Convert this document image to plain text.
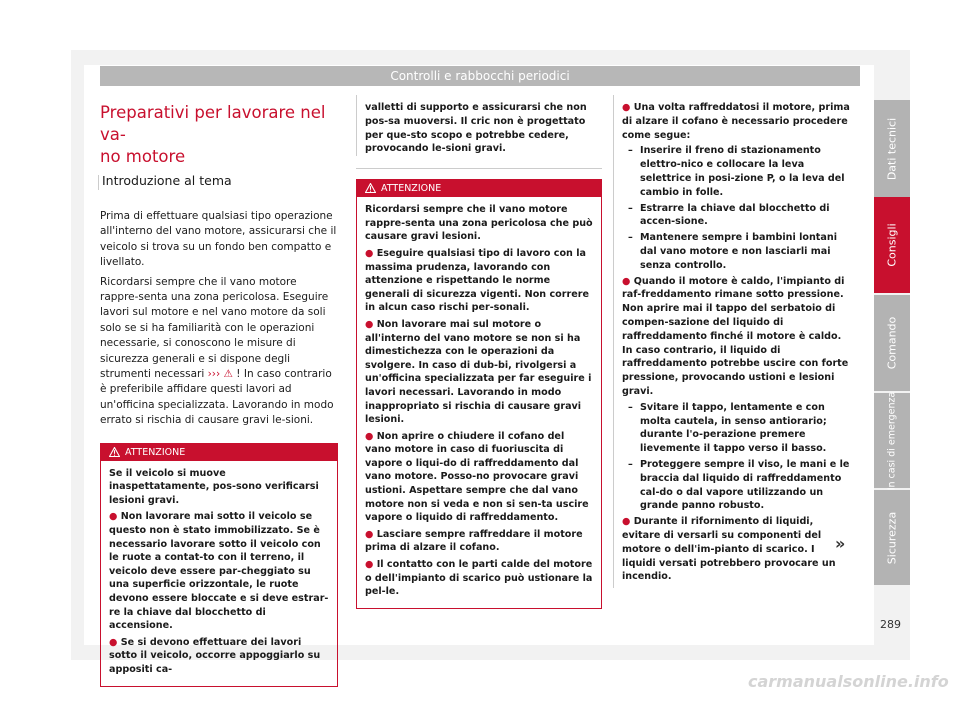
Controlli e rabbocchi periodici
Preparativi per lavorare nel va-
no motore
Introduzione al tema

Prima di effettuare qualsiasi tipo operazione all'interno del vano motore, assicurarsi che il veicolo si trova su un fondo ben compatto e livellato.

Ricordarsi sempre che il vano motore rappre-senta una zona pericolosa. Eseguire lavori sul motore e nel vano motore da soli solo se si ha familiarità con le operazioni necessarie, si conoscono le misure di sicurezza generali e si dispone degli strumenti necessari ››› ⚠ ! In caso contrario è preferibile affidare questi lavori ad un'officina specializzata. Lavorando in modo errato si rischia di causare gravi le-sioni.

ATTENZIONE

Se il veicolo si muove inaspettatamente, pos-sono verificarsi lesioni gravi.

● Non lavorare mai sotto il veicolo se questo non è stato immobilizzato. Se è necessario lavorare sotto il veicolo con le ruote a contat-to con il terreno, il veicolo deve essere par-cheggiato su una superficie orizzontale, le ruote devono essere bloccate e si deve estrar-re la chiave dal blocchetto di accensione.

● Se si devono effettuare dei lavori sotto il veicolo, occorre appoggiarlo su appositi ca-

valletti di supporto e assicurarsi che non pos-sa muoversi. Il cric non è progettato per que-sto scopo e potrebbe cedere, provocando le-sioni gravi.
ATTENZIONE

Ricordarsi sempre che il vano motore rappre-senta una zona pericolosa che può causare gravi lesioni.

● Eseguire qualsiasi tipo di lavoro con la massima prudenza, lavorando con attenzione e rispettando le norme generali di sicurezza vigenti. Non correre in alcun caso rischi per-sonali.

● Non lavorare mai sul motore o all'interno del vano motore se non si ha dimestichezza con le operazioni da svolgere. In caso di dub-bi, rivolgersi a un'officina specializzata per far eseguire i lavori necessari. Lavorando in modo inappropriato si rischia di causare gravi lesioni.

● Non aprire o chiudere il cofano del vano motore in caso di fuoriuscita di vapore o liqui-do di raffreddamento dal vano motore. Posso-no provocare gravi ustioni. Aspettare sempre che dal vano motore non si veda e non si sen-ta uscire vapore o liquido di raffreddamento.

● Lasciare sempre raffreddare il motore prima di alzare il cofano.

● Il contatto con le parti calde del motore o dell'impianto di scarico può ustionare la pel-le.

● Una volta raffreddatosi il motore, prima di alzare il cofano è necessario procedere come segue:

– Inserire il freno di stazionamento elettro-nico e collocare la leva selettrice in posi-zione P, o la leva del cambio in folle.
– Estrarre la chiave dal blocchetto di accen-sione.
– Mantenere sempre i bambini lontani dal vano motore e non lasciarli mai senza controllo.

● Quando il motore è caldo, l'impianto di raf-freddamento rimane sotto pressione. Non aprire mai il tappo del serbatoio di compen-sazione del liquido di raffreddamento finché il motore è caldo. In caso contrario, il liquido di raffreddamento potrebbe uscire con forte pressione, provocando ustioni e lesioni gravi.

– Svitare il tappo, lentamente e con molta cautela, in senso antiorario; durante l'o-perazione premere lievemente il tappo verso il basso.
– Proteggere sempre il viso, le mani e le braccia dal liquido di raffreddamento cal-do o dal vapore utilizzando un grande panno robusto.

● Durante il rifornimento di liquidi, evitare di versarli su componenti del motore o dell'im-pianto di scarico. I liquidi versati potrebbero provocare un incendio.

»
Dati tecnici
Consigli
Comando
In casi di emergenza
Sicurezza
289
carmanualsonline.info
